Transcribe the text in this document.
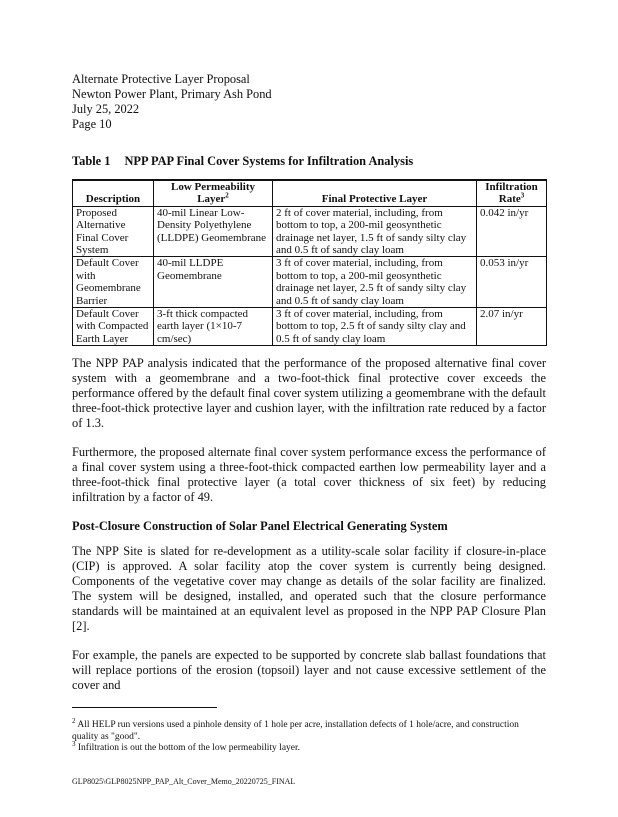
Alternate Protective Layer Proposal
Newton Power Plant, Primary Ash Pond
July 25, 2022
Page 10
Table 1 NPP PAP Final Cover Systems for Infiltration Analysis
Description	Low Permeability Layer$^2$	Final Protective Layer	Infiltration Rate$^3$
Proposed Alternative Final Cover System	40-mil Linear Low-Density Polyethylene (LLDPE) Geomembrane	2 ft of cover material, including, from bottom to top, a 200-mil geosynthetic drainage net layer, 1.5 ft of sandy silty clay and 0.5 ft of sandy clay loam	0.042 in/yr
Default Cover with Geomembrane Barrier	40-mil LLDPE Geomembrane	3 ft of cover material, including, from bottom to top, a 200-mil geosynthetic drainage net layer, 2.5 ft of sandy silty clay and 0.5 ft of sandy clay loam	0.053 in/yr
Default Cover with Compacted Earth Layer	3-ft thick compacted earth layer (1×10-7 cm/sec)	3 ft of cover material, including, from bottom to top, 2.5 ft of sandy silty clay and 0.5 ft of sandy clay loam	2.07 in/yr
The NPP PAP analysis indicated that the performance of the proposed alternative final cover system with a geomembrane and a two-foot-thick final protective cover exceeds the performance offered by the default final cover system utilizing a geomembrane with the default three-foot-thick protective layer and cushion layer, with the infiltration rate reduced by a factor of 1.3.
Furthermore, the proposed alternate final cover system performance excess the performance of a final cover system using a three-foot-thick compacted earthen low permeability layer and a three-foot-thick final protective layer (a total cover thickness of six feet) by reducing infiltration by a factor of 49.
Post-Closure Construction of Solar Panel Electrical Generating System
The NPP Site is slated for re-development as a utility-scale solar facility if closure-in-place (CIP) is approved. A solar facility atop the cover system is currently being designed. Components of the vegetative cover may change as details of the solar facility are finalized. The system will be designed, installed, and operated such that the closure performance standards will be maintained at an equivalent level as proposed in the NPP PAP Closure Plan [2].
For example, the panels are expected to be supported by concrete slab ballast foundations that will replace portions of the erosion (topsoil) layer and not cause excessive settlement of the cover and
$^2$ All HELP run versions used a pinhole density of 1 hole per acre, installation defects of 1 hole/acre, and construction quality as "good".
$^3$ Infiltration is out the bottom of the low permeability layer.
GLP8025\GLP8025NPP_PAP_Alt_Cover_Memo_20220725_FINAL
